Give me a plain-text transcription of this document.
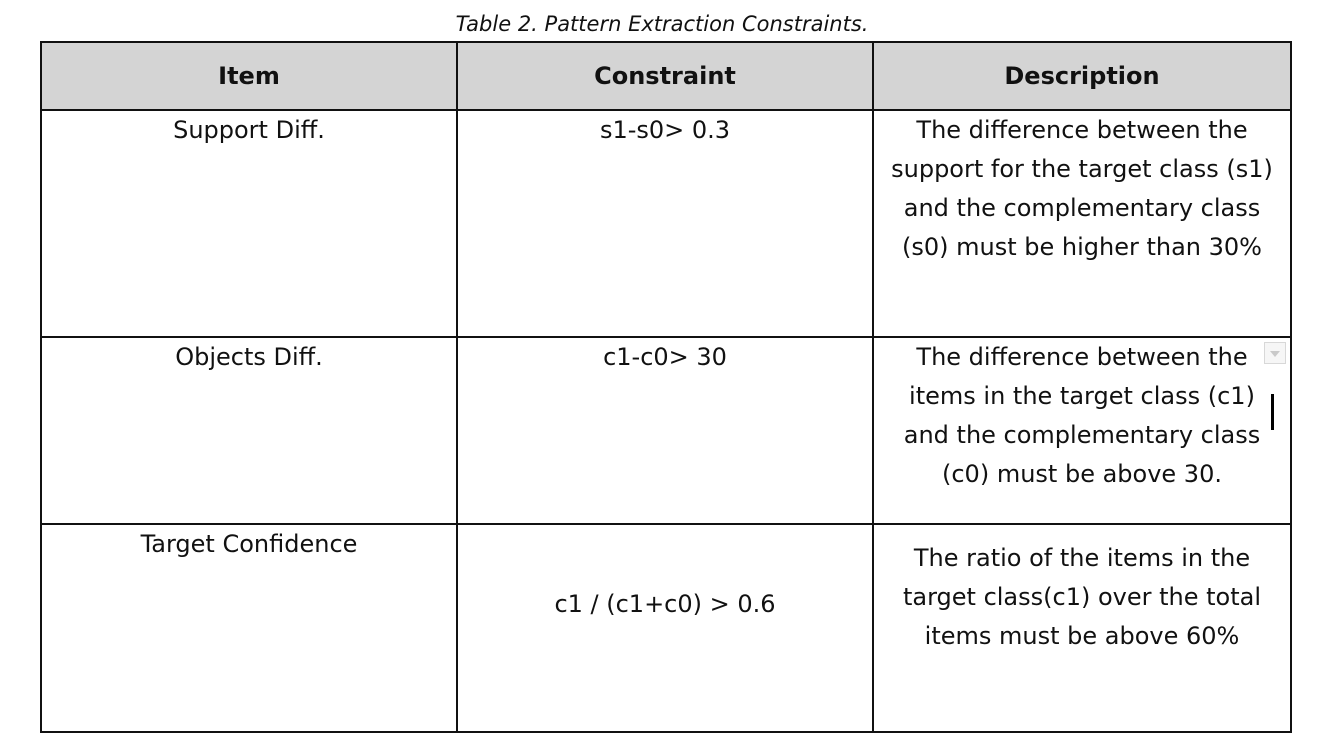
Table 2. Pattern Extraction Constraints.
Item	Constraint	Description
Support Diff.	s1-s0> 0.3	The difference between the support for the target class (s1) and the complementary class (s0) must be higher than 30%
Objects Diff.	c1-c0> 30	The difference between the items in the target class (c1) and the complementary class (c0) must be above 30.

Target Confidence	c1 / (c1+c0) > 0.6	The ratio of the items in the target class(c1) over the total items must be above 60%
